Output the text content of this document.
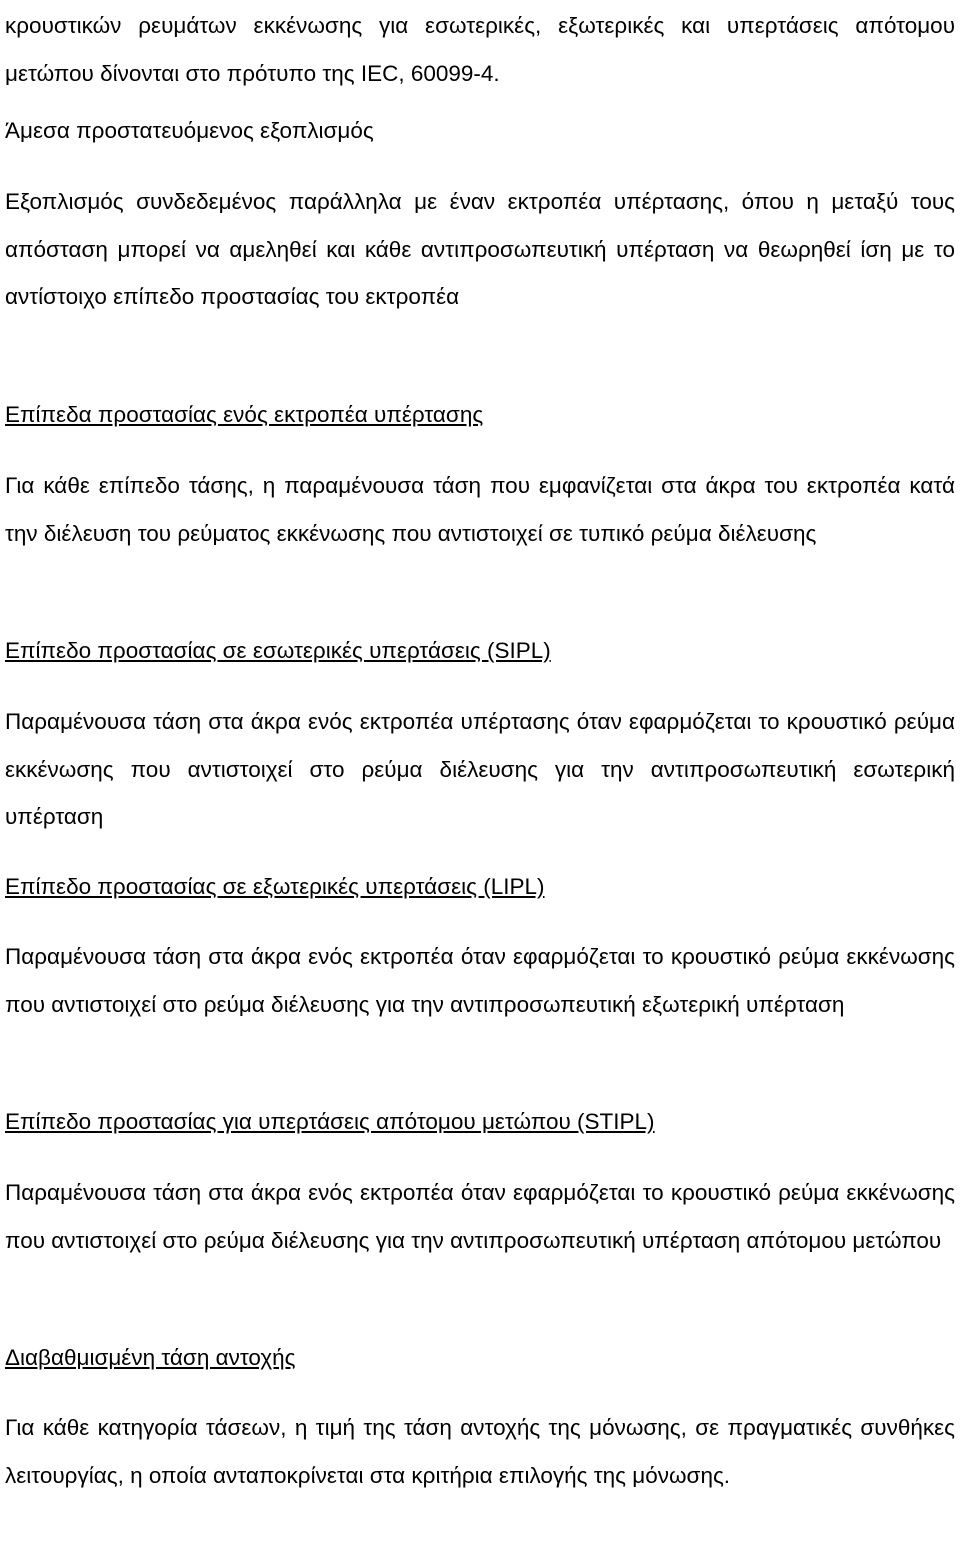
κρουστικών ρευμάτων εκκένωσης για εσωτερικές, εξωτερικές και υπερτάσεις απότομου μετώπου δίνονται στο πρότυπο της IEC, 60099-4.

Άμεσα προστατευόμενος εξοπλισμός

Εξοπλισμός συνδεδεμένος παράλληλα με έναν εκτροπέα υπέρτασης, όπου η μεταξύ τους απόσταση μπορεί να αμεληθεί και κάθε αντιπροσωπευτική υπέρταση να θεωρηθεί ίση με το αντίστοιχο επίπεδο προστασίας του εκτροπέα

Επίπεδα προστασίας ενός εκτροπέα υπέρτασης

Για κάθε επίπεδο τάσης, η παραμένουσα τάση που εμφανίζεται στα άκρα του εκτροπέα κατά την διέλευση του ρεύματος εκκένωσης που αντιστοιχεί σε τυπικό ρεύμα διέλευσης

Επίπεδο προστασίας σε εσωτερικές υπερτάσεις (SIPL)

Παραμένουσα τάση στα άκρα ενός εκτροπέα υπέρτασης όταν εφαρμόζεται το κρουστικό ρεύμα εκκένωσης που αντιστοιχεί στο ρεύμα διέλευσης για την αντιπροσωπευτική εσωτερική υπέρταση

Επίπεδο προστασίας σε εξωτερικές υπερτάσεις (LIPL)

Παραμένουσα τάση στα άκρα ενός εκτροπέα όταν εφαρμόζεται το κρουστικό ρεύμα εκκένωσης που αντιστοιχεί στο ρεύμα διέλευσης για την αντιπροσωπευτική εξωτερική υπέρταση

Επίπεδο προστασίας για υπερτάσεις απότομου μετώπου (STIPL)

Παραμένουσα τάση στα άκρα ενός εκτροπέα όταν εφαρμόζεται το κρουστικό ρεύμα εκκένωσης που αντιστοιχεί στο ρεύμα διέλευσης για την αντιπροσωπευτική υπέρταση απότομου μετώπου

Διαβαθμισμένη τάση αντοχής

Για κάθε κατηγορία τάσεων, η τιμή της τάση αντοχής της μόνωσης, σε πραγματικές συνθήκες λειτουργίας, η οποία ανταποκρίνεται στα κριτήρια επιλογής της μόνωσης.
